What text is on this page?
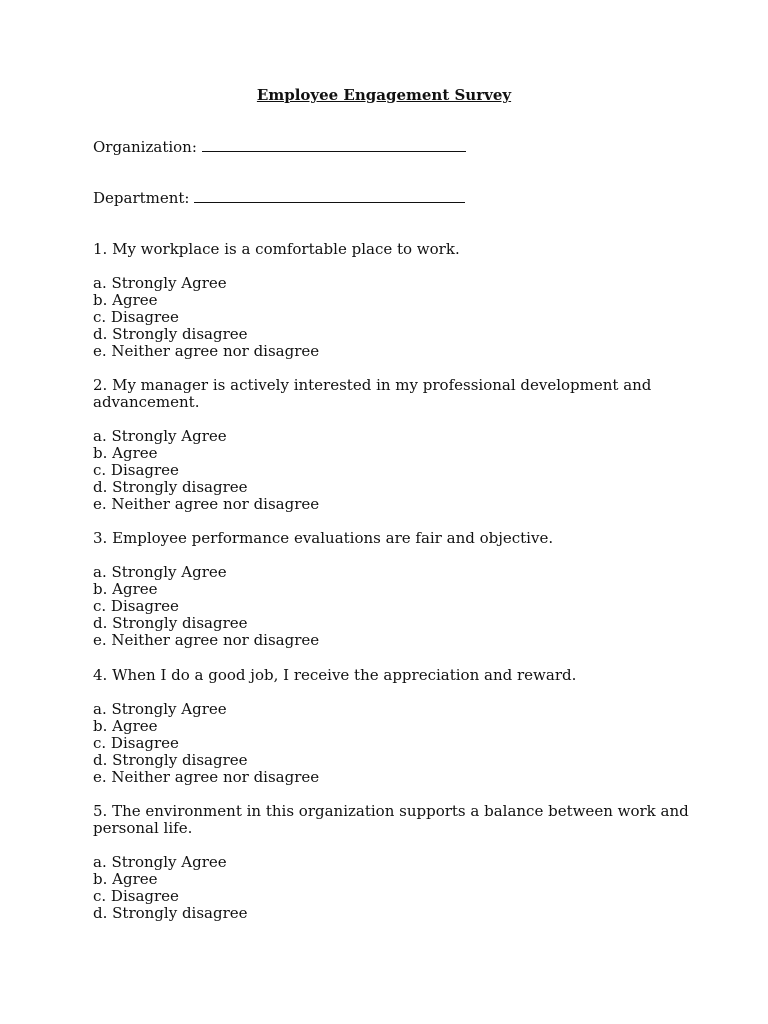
Employee Engagement Survey
Organization:
Department:

1. My workplace is a comfortable place to work.

a. Strongly Agree

b. Agree

c. Disagree

d. Strongly disagree

e. Neither agree nor disagree

2. My manager is actively interested in my professional development and advancement.

a. Strongly Agree

b. Agree

c. Disagree

d. Strongly disagree

e. Neither agree nor disagree

3. Employee performance evaluations are fair and objective.

a. Strongly Agree

b. Agree

c. Disagree

d. Strongly disagree

e. Neither agree nor disagree

4. When I do a good job, I receive the appreciation and reward.

a. Strongly Agree

b. Agree

c. Disagree

d. Strongly disagree

e. Neither agree nor disagree

5. The environment in this organization supports a balance between work and personal life.

a. Strongly Agree

b. Agree

c. Disagree

d. Strongly disagree
